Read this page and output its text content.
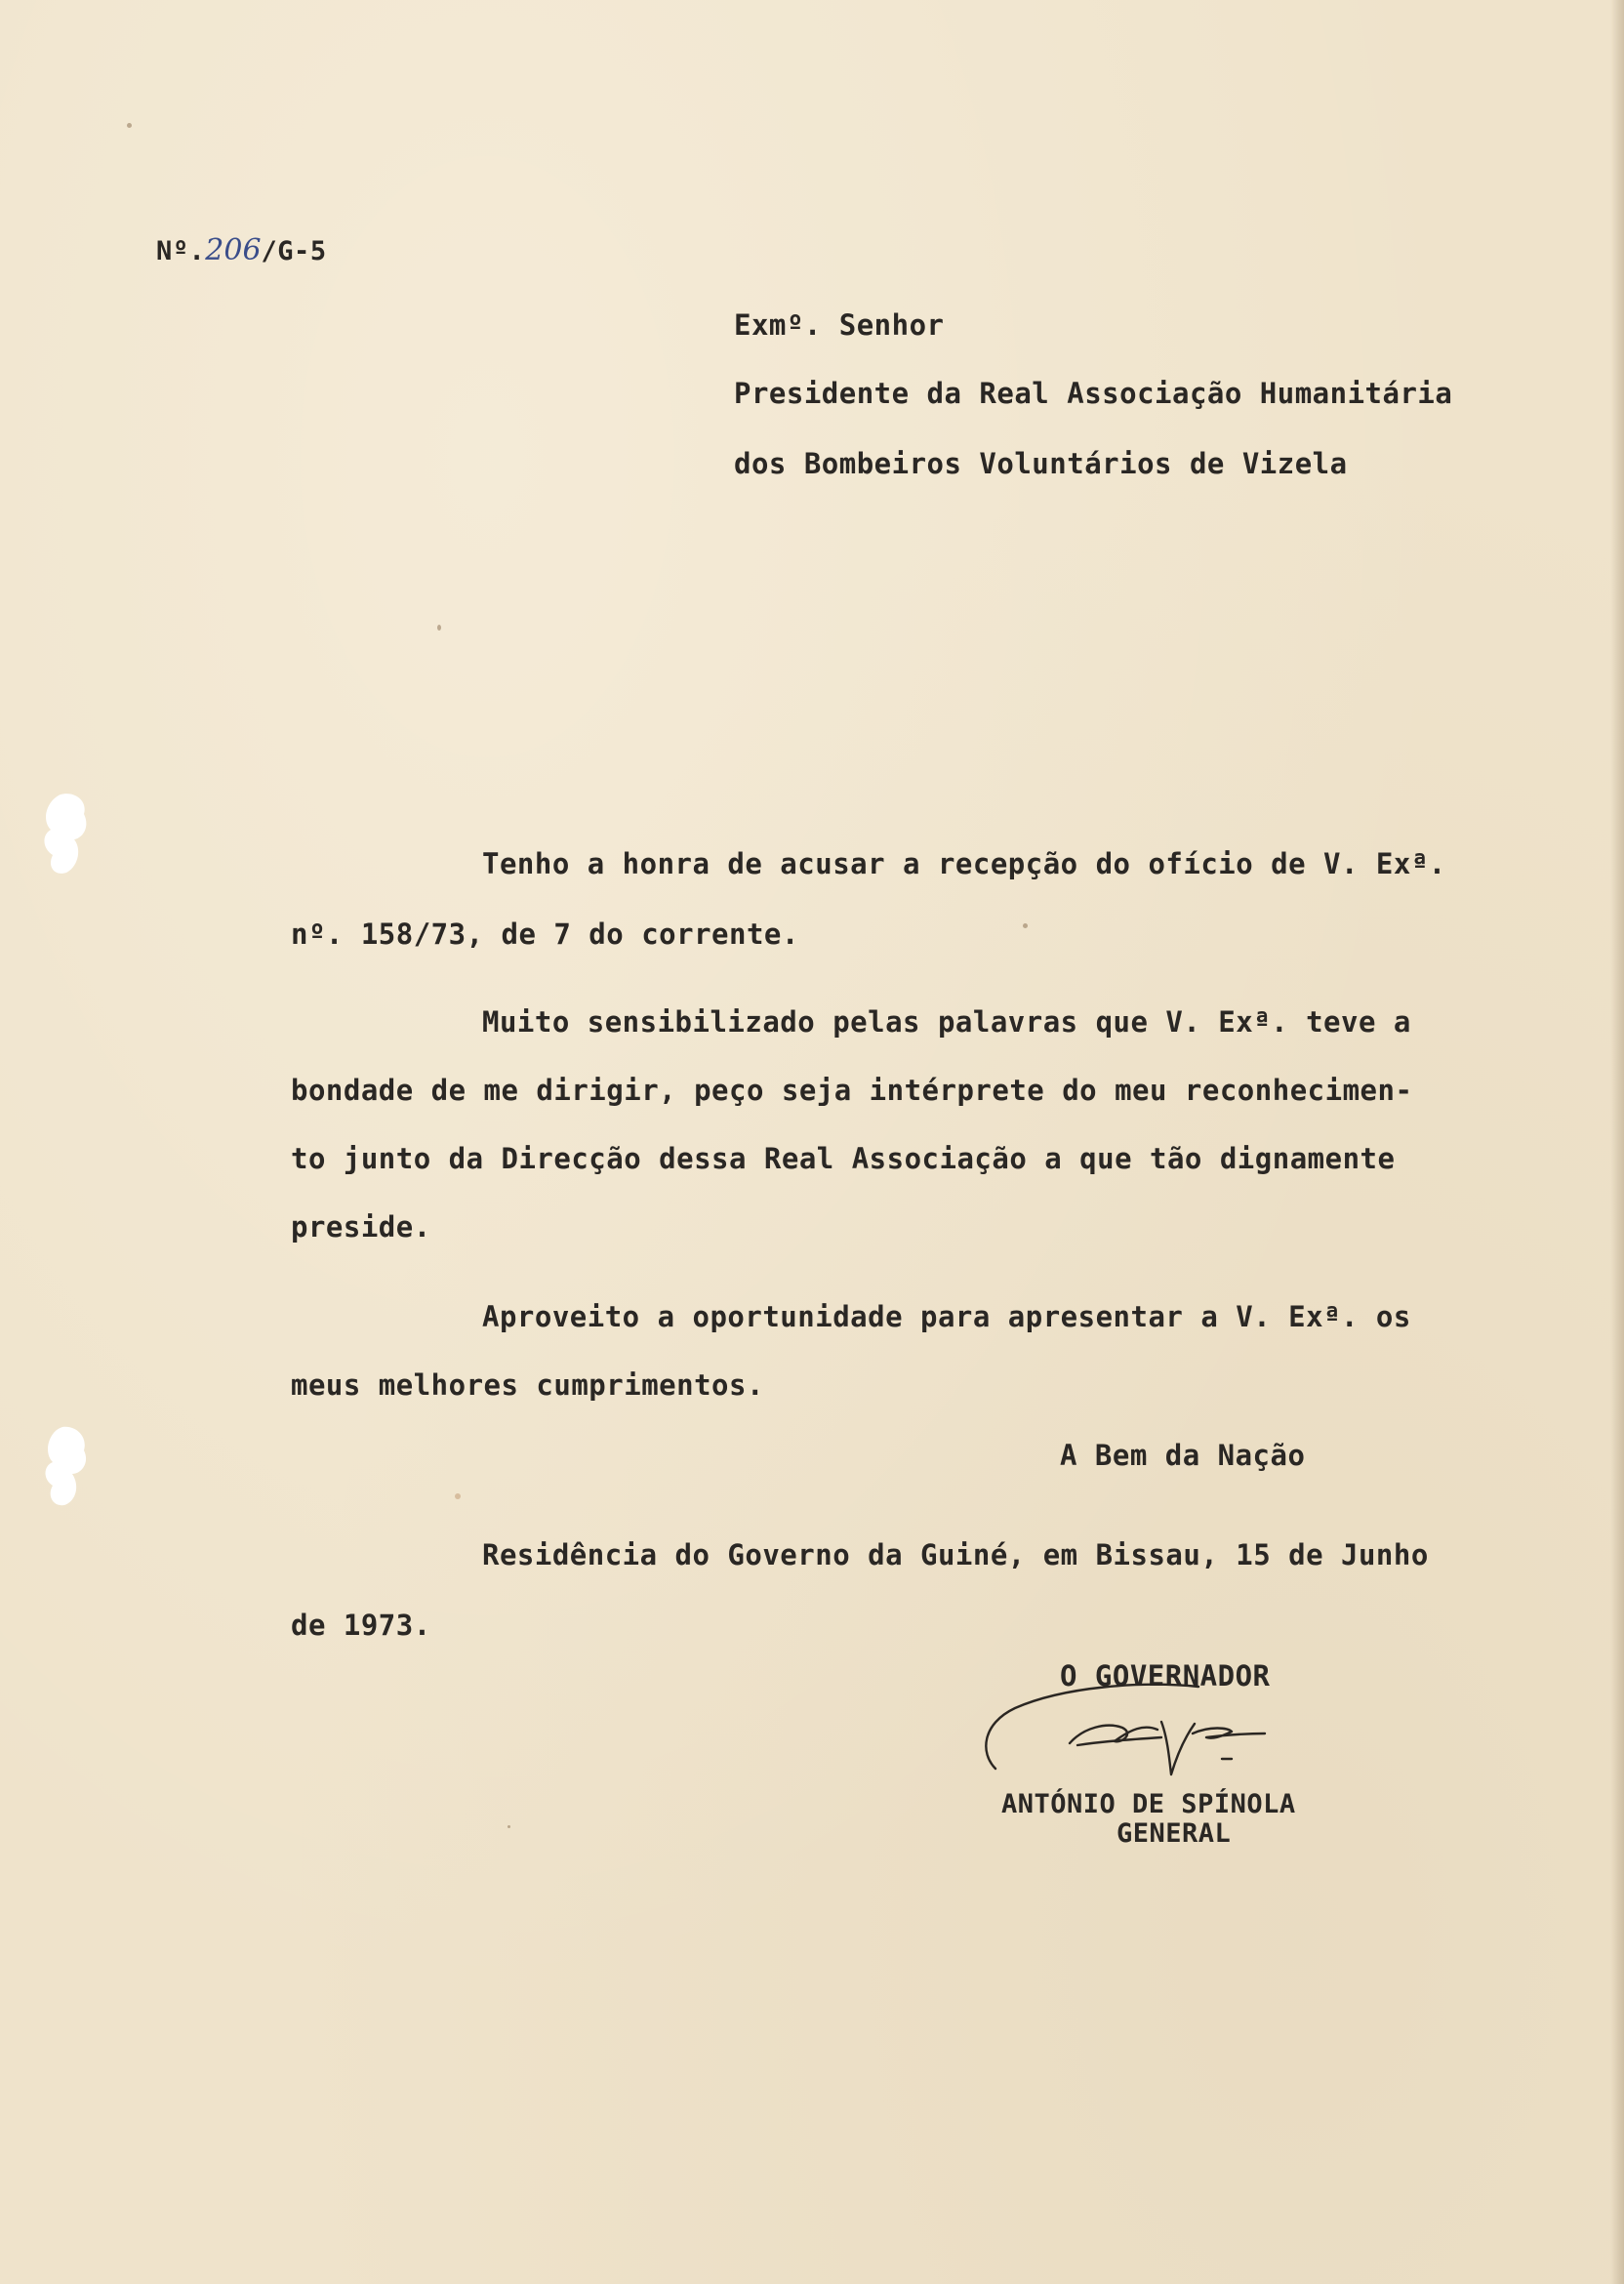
Nº.206/G-5
Exmº. Senhor
Presidente da Real Associação Humanitária
dos Bombeiros Voluntários de Vizela
Tenho a honra de acusar a recepção do ofício de V. Exª.
nº. 158/73, de 7 do corrente.
Muito sensibilizado pelas palavras que V. Exª. teve a
bondade de me dirigir, peço seja intérprete do meu reconhecimen-
to junto da Direcção dessa Real Associação a que tão dignamente
preside.
Aproveito a oportunidade para apresentar a V. Exª. os
meus melhores cumprimentos.
A Bem da Nação
Residência do Governo da Guiné, em Bissau, 15 de Junho
de 1973.
O GOVERNADOR
ANTÓNIO DE SPÍNOLA
GENERAL
